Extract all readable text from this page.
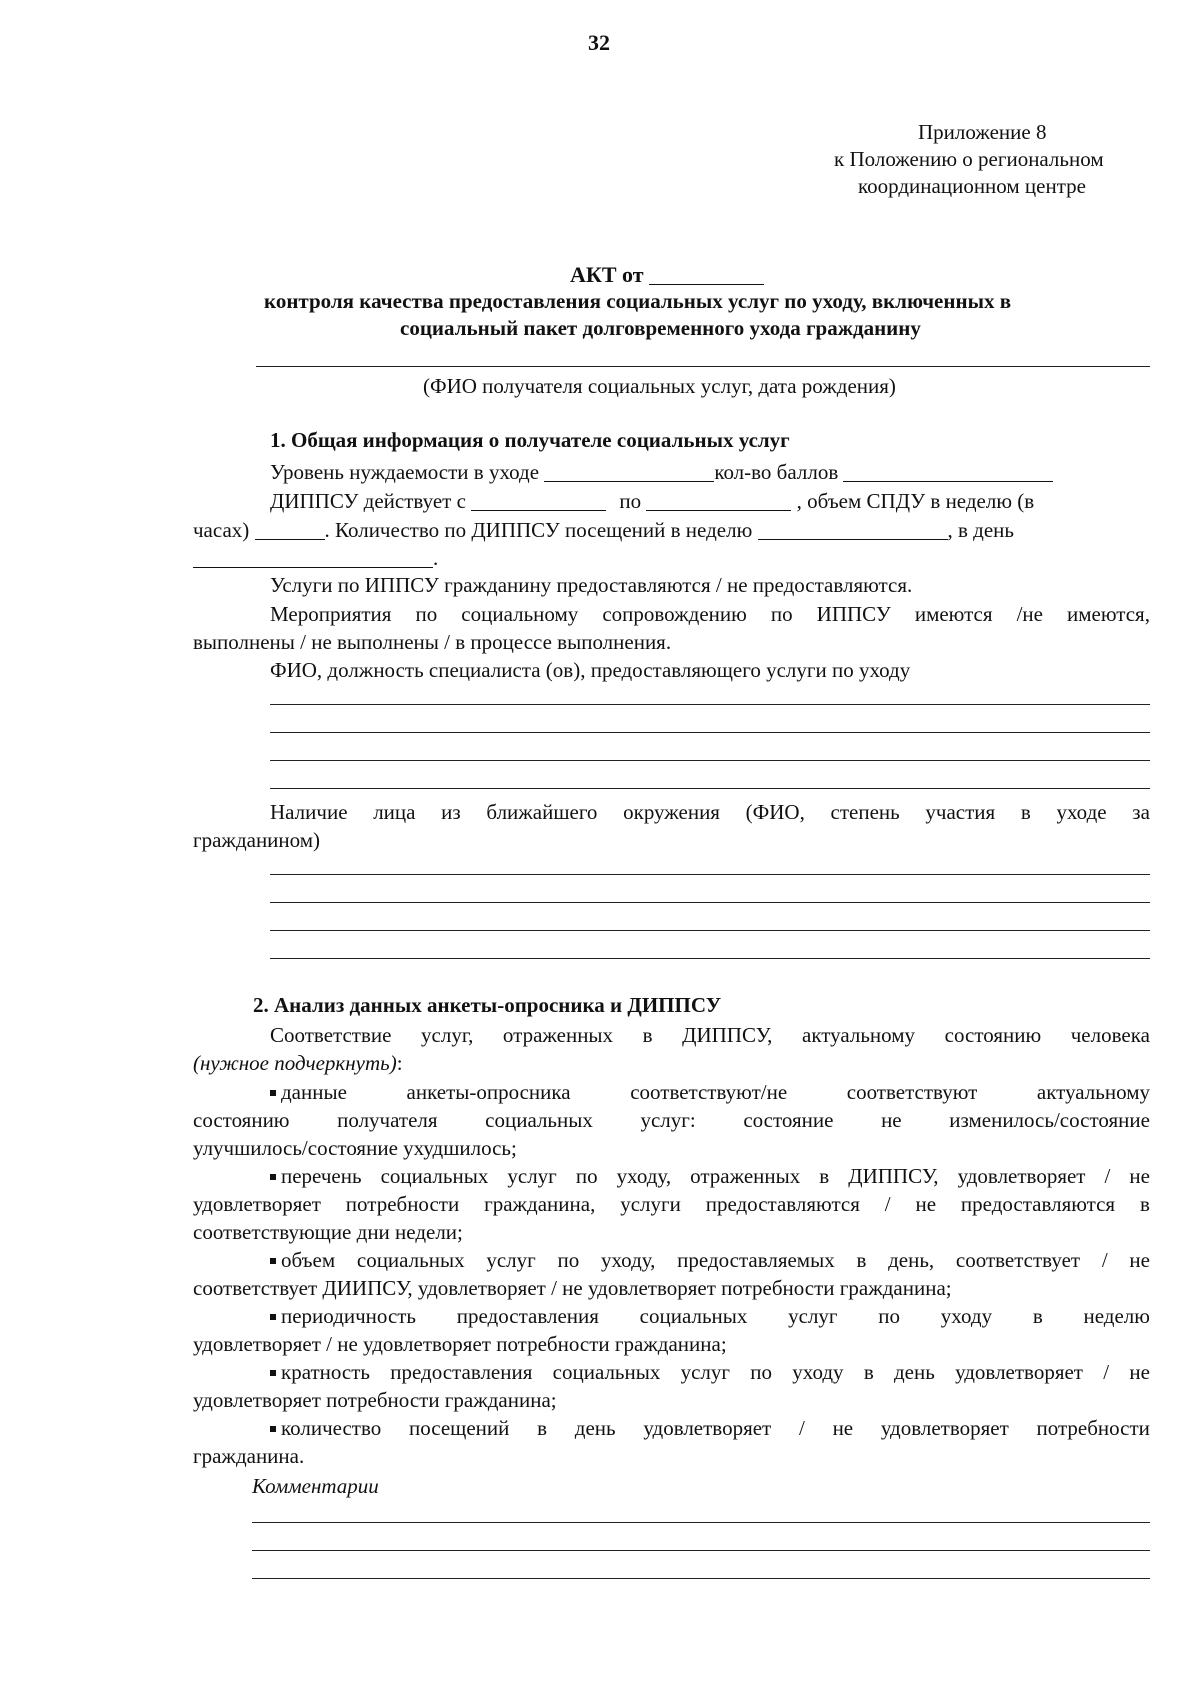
32
Приложение 8
к Положению о региональном
координационном центре
АКТ от
контроля качества предоставления социальных услуг по уходу, включенных в
социальный пакет долговременного ухода гражданину
(ФИО получателя социальных услуг, дата рождения)
1. Общая информация о получателе социальных услуг
Уровень нуждаемости в уходе	кол-во баллов
ДИППСУ действует с	по	, объем СПДУ в неделю (в
часах)	. Количество по ДИППСУ посещений в неделю	, в день
.
Услуги по ИППСУ гражданину предоставляются / не предоставляются.
Мероприятия по социальному сопровождению по ИППСУ имеются /не имеются,
выполнены / не выполнены / в процессе выполнения.
ФИО, должность специалиста (ов), предоставляющего услуги по уходу
Наличие лица из ближайшего окружения (ФИО, степень участия в уходе за
гражданином)
2. Анализ данных анкеты-опросника и ДИППСУ
Соответствие услуг, отраженных в ДИППСУ, актуальному состоянию человека
(нужное подчеркнуть):
данные	анкеты-опросника	соответствуют/не	соответствуют	актуальному
состоянию получателя социальных услуг: состояние не изменилось/состояние
улучшилось/состояние ухудшилось;
перечень социальных услуг по уходу, отраженных в ДИППСУ, удовлетворяет / не
удовлетворяет потребности гражданина, услуги предоставляются / не предоставляются в
соответствующие дни недели;
объем социальных услуг по уходу, предоставляемых в день, соответствует / не
соответствует ДИИПСУ, удовлетворяет / не удовлетворяет потребности гражданина;
периодичность предоставления социальных услуг по уходу в неделю
удовлетворяет / не удовлетворяет потребности гражданина;
кратность предоставления социальных услуг по уходу в день удовлетворяет / не
удовлетворяет потребности гражданина;
количество посещений в день удовлетворяет / не удовлетворяет потребности
гражданина.
Комментарии
